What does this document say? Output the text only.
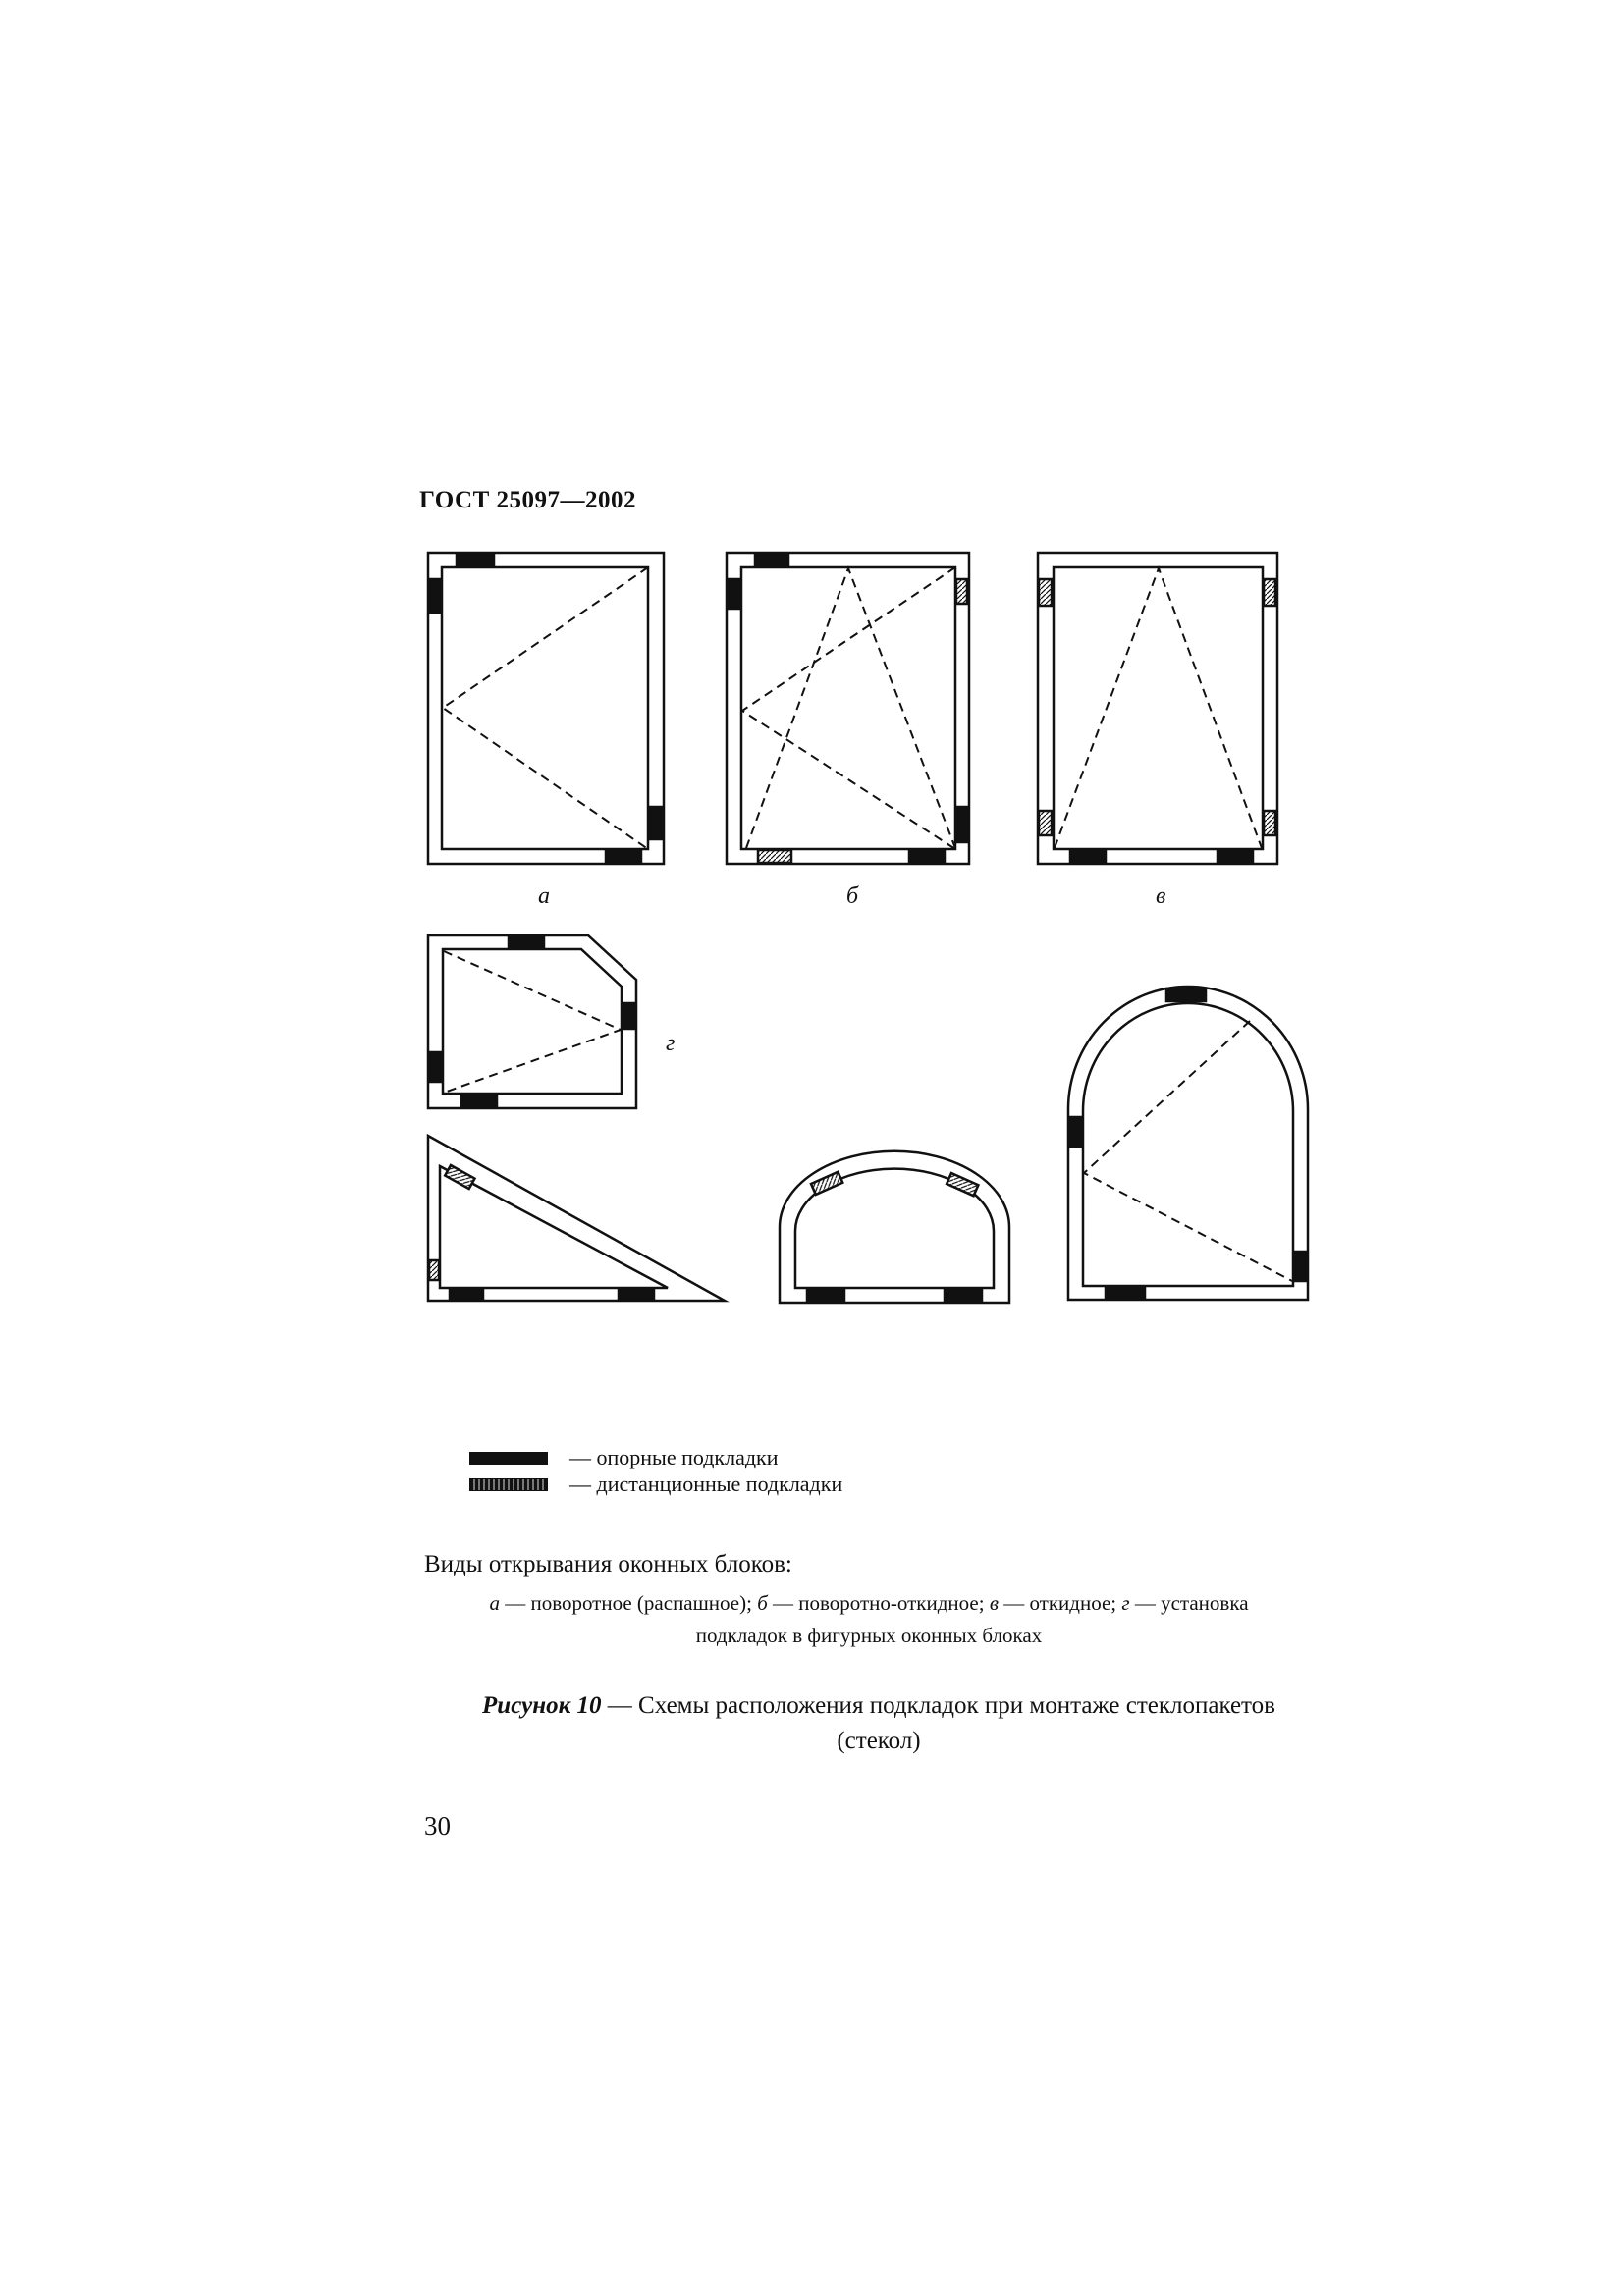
ГОСТ 25097—2002
а	б	в
г
— опорные подкладки
— дистанционные подкладки
Виды открывания оконных блоков:
а — поворотное (распашное); б — поворотно-откидное; в — откидное; г — установка
подкладок в фигурных оконных блоках
Рисунок 10 — Схемы расположения подкладок при монтаже стеклопакетов
(стекол)
30
